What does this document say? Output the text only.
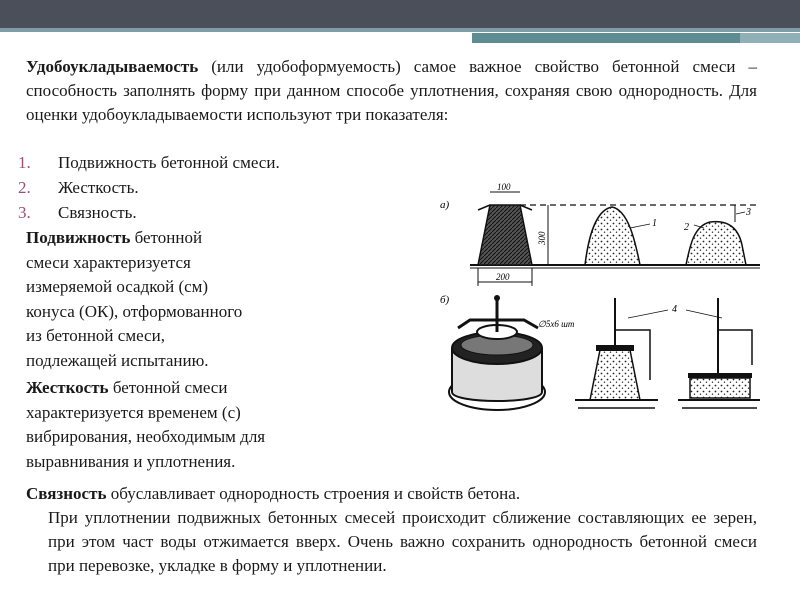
Удобоукладываемость (или удобоформуемость) самое важное свойство бетонной смеси – способность заполнять форму при данном способе уплотнения, сохраняя свою однородность. Для оценки удобоукладываемости используют три показателя:
1. Подвижность бетонной смеси.
2. Жесткость.
3. Связность.
Подвижность бетонной
смеси характеризуется
измеряемой осадкой (см)
конуса (ОК), отформованного
из бетонной смеси,
подлежащей испытанию.
Жесткость бетонной смеси
характеризуется временем (с)
вибрирования, необходимым для
выравнивания и уплотнения.
Связность обуславливает однородность строения и свойств бетона.
При уплотнении подвижных бетонных смесей происходит сближение составляющих ее зерен, при этом част воды отжимается вверх. Очень важно сохранить однородность бетонной смеси при перевозке, укладке в форму и уплотнении.
а)
100
300
200
1	2
3
б)
∅5х6 шт
4
